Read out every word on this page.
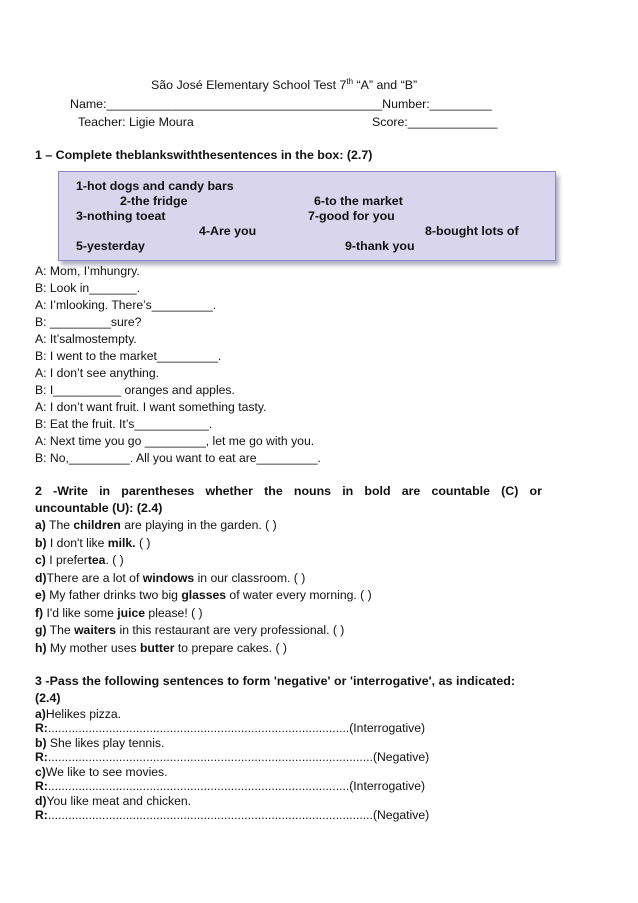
São José Elementary School Test 7th “A” and “B”
Name:________________________________________Number:_________
Teacher: Ligie Moura	Score:_____________
1 – Complete theblankswiththesentences in the box: (2.7)
1-hot dogs and candy bars
2-the fridge	6-to the market
3-nothing toeat	7-good for you
4-Are you	8-bought lots of
5-yesterday	9-thank you
A: Mom, I’mhungry.
B: Look in_______.
A: I’mlooking. There’s_________.
B: _________sure?
A: It’salmostempty.
B: I went to the market_________.
A: I don’t see anything.
B: I__________ oranges and apples.
A: I don’t want fruit. I want something tasty.
B: Eat the fruit. It’s___________.
A: Next time you go _________, let me go with you.
B: No,_________. All you want to eat are_________.
2 -Write in parentheses whether the nouns in bold are countable (C) or
uncountable (U): (2.4)
a) The children are playing in the garden. ( )
b) I don't like milk. ( )
c) I prefertea. ( )
d)There are a lot of windows in our classroom. ( )
e) My father drinks two big glasses of water every morning. ( )
f) I'd like some juice please! ( )
g) The waiters in this restaurant are very professional. ( )
h) My mother uses butter to prepare cakes. ( )
3 -Pass the following sentences to form 'negative' or 'interrogative', as indicated:
(2.4)
a)Helikes pizza.
R:.........................................................................................(Interrogative)
b) She likes play tennis.
R:................................................................................................(Negative)
c)We like to see movies.
R:.........................................................................................(Interrogative)
d)You like meat and chicken.
R:................................................................................................(Negative)
